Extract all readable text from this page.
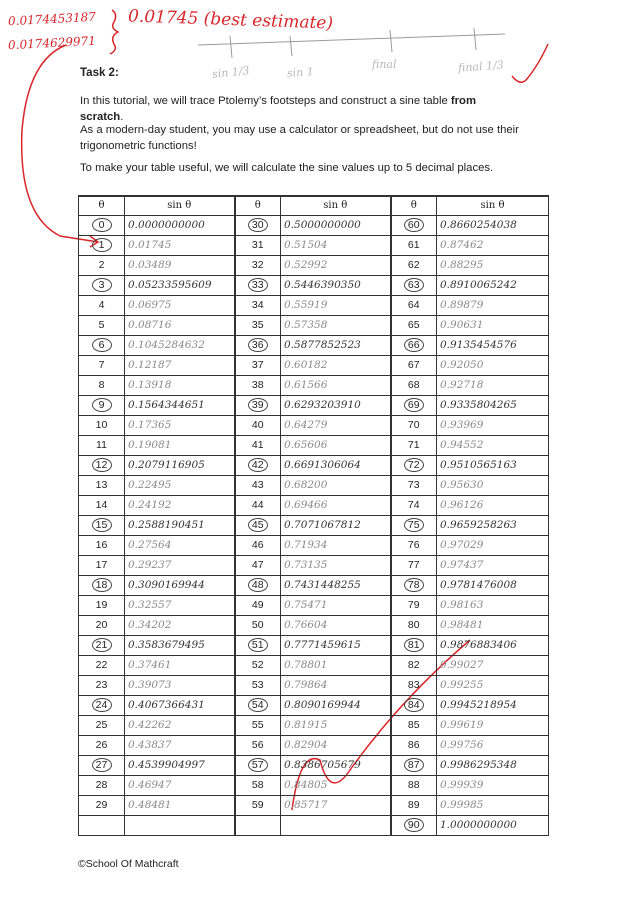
0.0174453187
0.0174629971
0.01745 (best estimate)
sin 1/3	sin 1
final	final 1/3
Task 2:
In this tutorial, we will trace Ptolemy’s footsteps and construct a sine table from scratch.
As a modern-day student, you may use a calculator or spreadsheet, but do not use their trigonometric functions!
To make your table useful, we will calculate the sine values up to 5 decimal places.
θ	sin θ	θ	sin θ	θ	sin θ
0	0.0000000000	30	0.5000000000	60	0.8660254038
1	0.01745	31	0.51504	61	0.87462
2	0.03489	32	0.52992	62	0.88295
3	0.05233595609	33	0.5446390350	63	0.8910065242
4	0.06975	34	0.55919	64	0.89879
5	0.08716	35	0.57358	65	0.90631
6	0.1045284632	36	0.5877852523	66	0.9135454576
7	0.12187	37	0.60182	67	0.92050
8	0.13918	38	0.61566	68	0.92718
9	0.1564344651	39	0.6293203910	69	0.9335804265
10	0.17365	40	0.64279	70	0.93969
11	0.19081	41	0.65606	71	0.94552
12	0.2079116905	42	0.6691306064	72	0.9510565163
13	0.22495	43	0.68200	73	0.95630
14	0.24192	44	0.69466	74	0.96126
15	0.2588190451	45	0.7071067812	75	0.9659258263
16	0.27564	46	0.71934	76	0.97029
17	0.29237	47	0.73135	77	0.97437
18	0.3090169944	48	0.7431448255	78	0.9781476008
19	0.32557	49	0.75471	79	0.98163
20	0.34202	50	0.76604	80	0.98481
21	0.3583679495	51	0.7771459615	81	0.9876883406
22	0.37461	52	0.78801	82	0.99027
23	0.39073	53	0.79864	83	0.99255
24	0.4067366431	54	0.8090169944	84	0.9945218954
25	0.42262	55	0.81915	85	0.99619
26	0.43837	56	0.82904	86	0.99756
27	0.4539904997	57	0.8386705679	87	0.9986295348
28	0.46947	58	0.84805	88	0.99939
29	0.48481	59	0.85717	89	0.99985
				90	1.0000000000
©School Of Mathcraft
